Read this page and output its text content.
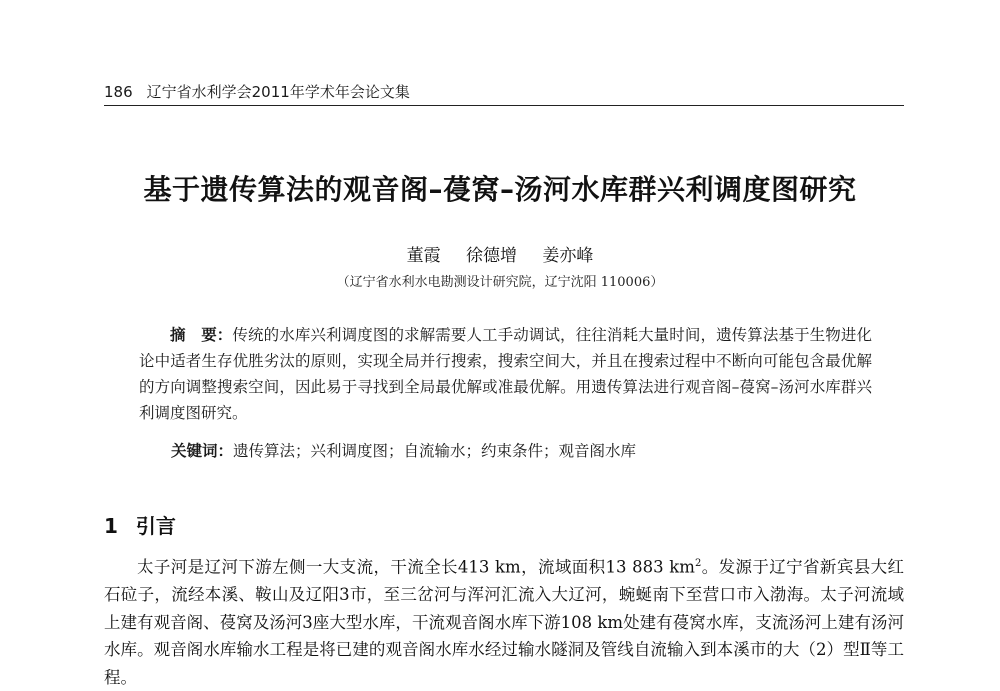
186 辽宁省水利学会2011年学术年会论文集
基于遗传算法的观音阁–葠窝–汤河水库群兴利调度图研究
董霞 徐德增 姜亦峰
（辽宁省水利水电勘测设计研究院，辽宁沈阳 110006）
摘　要：传统的水库兴利调度图的求解需要人工手动调试，往往消耗大量时间，遗传算法基于生物进化论中适者生存优胜劣汰的原则，实现全局并行搜索，搜索空间大，并且在搜索过程中不断向可能包含最优解的方向调整搜索空间，因此易于寻找到全局最优解或准最优解。用遗传算法进行观音阁–葠窝–汤河水库群兴利调度图研究。
关键词：遗传算法；兴利调度图；自流输水；约束条件；观音阁水库
1 引言
太子河是辽河下游左侧一大支流，干流全长413 km，流域面积13 883 $km^2$。发源于辽宁省新宾县大红石砬子，流经本溪、鞍山及辽阳3市，至三岔河与浑河汇流入大辽河，蜿蜒南下至营口市入渤海。太子河流域上建有观音阁、葠窝及汤河3座大型水库，干流观音阁水库下游108 km处建有葠窝水库，支流汤河上建有汤河水库。观音阁水库输水工程是将已建的观音阁水库水经过输水隧洞及管线自流输入到本溪市的大（2）型Ⅱ等工程。
